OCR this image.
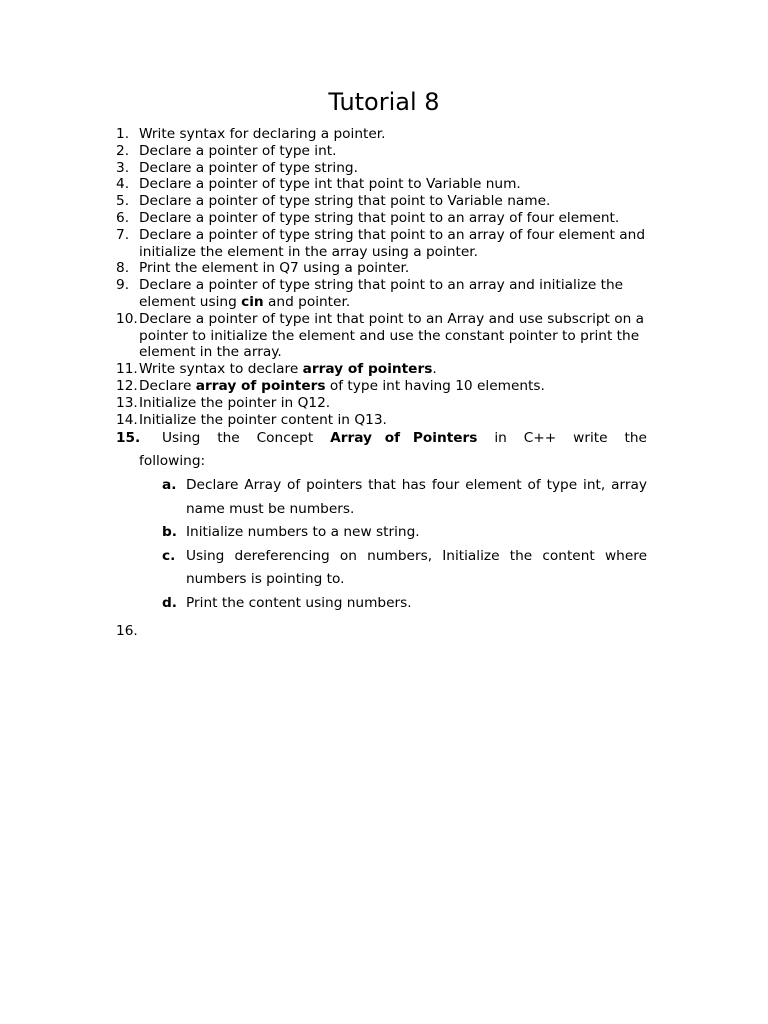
Tutorial 8
1. Write syntax for declaring a pointer.
2. Declare a pointer of type int.
3. Declare a pointer of type string.
4. Declare a pointer of type int that point to Variable num.
5. Declare a pointer of type string that point to Variable name.
6. Declare a pointer of type string that point to an array of four element.
7. Declare a pointer of type string that point to an array of four element and initialize the element in the array using a pointer.
8. Print the element in Q7 using a pointer.
9. Declare a pointer of type string that point to an array and initialize the element using cin and pointer.
10. Declare a pointer of type int that point to an Array and use subscript on a pointer to initialize the element and use the constant pointer to print the element in the array.
11. Write syntax to declare array of pointers.
12. Declare array of pointers of type int having 10 elements.
13. Initialize the pointer in Q12.
14. Initialize the pointer content in Q13.
15. Using the Concept Array of Pointers in C++ write the
following:
a. Declare Array of pointers that has four element of type int, array name must be numbers.
b. Initialize numbers to a new string.
c. Using dereferencing on numbers, Initialize the content where numbers is pointing to.
d. Print the content using numbers.
16.
